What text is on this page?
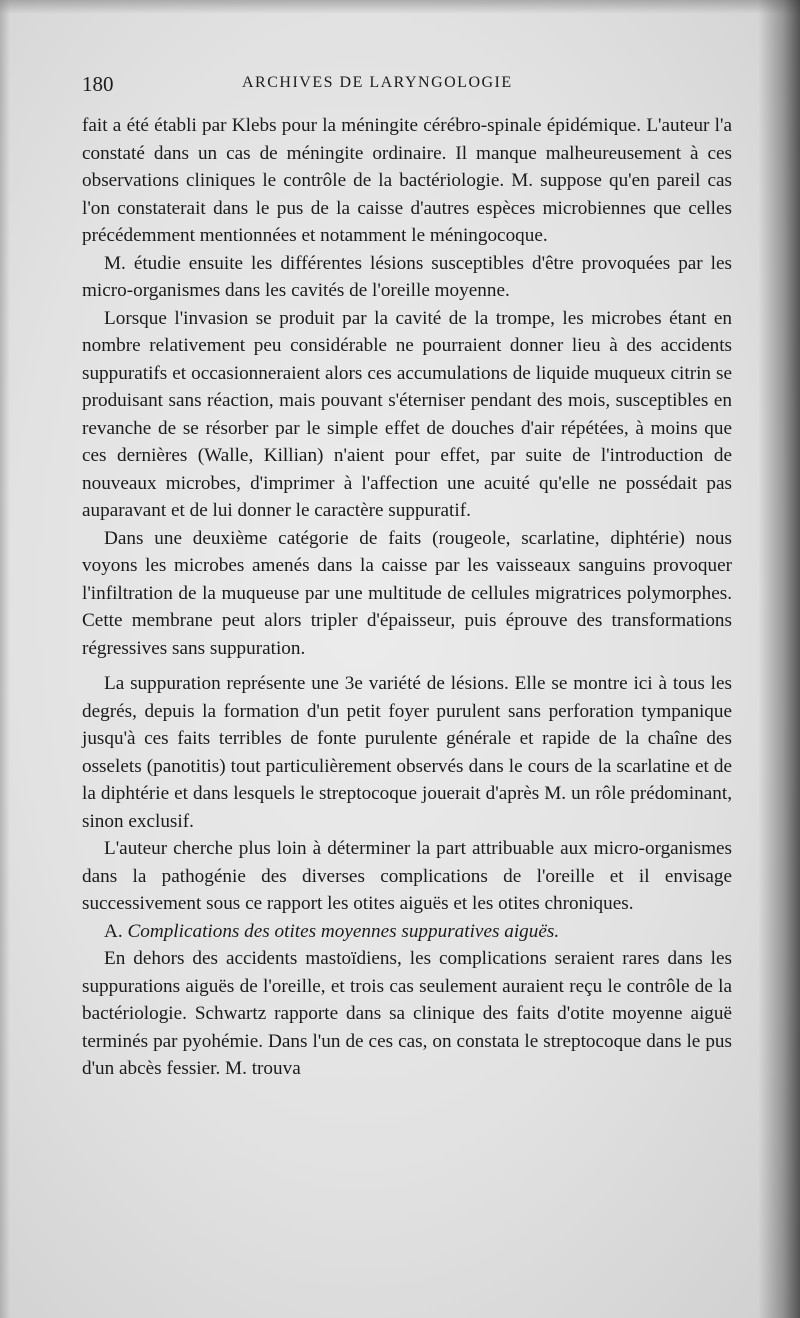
180	ARCHIVES DE LARYNGOLOGIE

fait a été établi par Klebs pour la méningite cérébro-spinale épidémique. L'auteur l'a constaté dans un cas de méningite ordinaire. Il manque malheureusement à ces observations cliniques le contrôle de la bactériologie. M. suppose qu'en pareil cas l'on constaterait dans le pus de la caisse d'autres espèces microbiennes que celles précédemment mentionnées et notamment le méningocoque.

M. étudie ensuite les différentes lésions susceptibles d'être provoquées par les micro-organismes dans les cavités de l'oreille moyenne.

Lorsque l'invasion se produit par la cavité de la trompe, les microbes étant en nombre relativement peu considérable ne pourraient donner lieu à des accidents suppuratifs et occasionneraient alors ces accumulations de liquide muqueux citrin se produisant sans réaction, mais pouvant s'éterniser pendant des mois, susceptibles en revanche de se résorber par le simple effet de douches d'air répétées, à moins que ces dernières (Walle, Killian) n'aient pour effet, par suite de l'introduction de nouveaux microbes, d'imprimer à l'affection une acuité qu'elle ne possédait pas auparavant et de lui donner le caractère suppuratif.

Dans une deuxième catégorie de faits (rougeole, scarlatine, diphtérie) nous voyons les microbes amenés dans la caisse par les vaisseaux sanguins provoquer l'infiltration de la muqueuse par une multitude de cellules migratrices polymorphes. Cette membrane peut alors tripler d'épaisseur, puis éprouve des transformations régressives sans suppuration.

La suppuration représente une 3e variété de lésions. Elle se montre ici à tous les degrés, depuis la formation d'un petit foyer purulent sans perforation tympanique jusqu'à ces faits terribles de fonte purulente générale et rapide de la chaîne des osselets (panotitis) tout particulièrement observés dans le cours de la scarlatine et de la diphtérie et dans lesquels le streptocoque jouerait d'après M. un rôle prédominant, sinon exclusif.

L'auteur cherche plus loin à déterminer la part attribuable aux micro-organismes dans la pathogénie des diverses complications de l'oreille et il envisage successivement sous ce rapport les otites aiguës et les otites chroniques.

A. Complications des otites moyennes suppuratives aiguës.

En dehors des accidents mastoïdiens, les complications seraient rares dans les suppurations aiguës de l'oreille, et trois cas seulement auraient reçu le contrôle de la bactériologie. Schwartz rapporte dans sa clinique des faits d'otite moyenne aiguë terminés par pyohémie. Dans l'un de ces cas, on constata le streptocoque dans le pus d'un abcès fessier. M. trouva
